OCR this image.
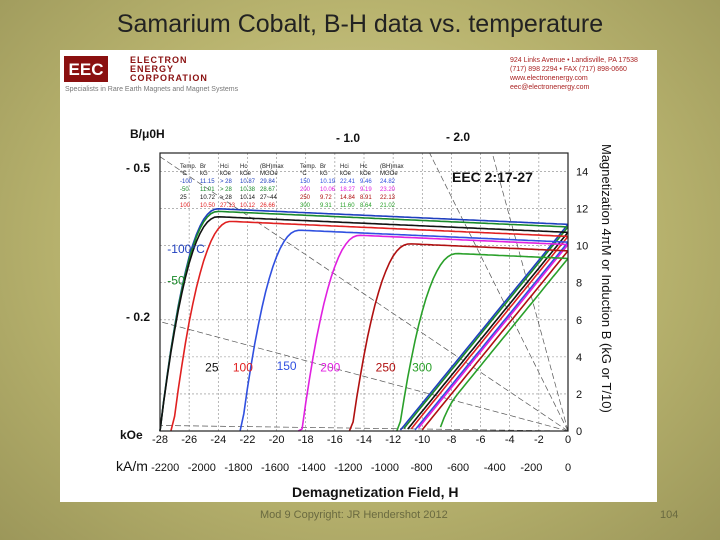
Samarium Cobalt, B-H data vs. temperature
EEC	ELECTRON
ENERGY
CORPORATION
Specialists in Rare Earth Magnets and Magnet Systems
924 Links Avenue • Landisville, PA 17538
(717) 898 2294 • FAX (717) 898-0660
www.electronenergy.com
eec@electronenergy.com
-28 -26 -24 -22 -20 -18 -16 -14 -12 -10 -8 -6 -4 -2 0
-2200 -2000 -1800 -1600 -1400 -1200 -1000 -800 -600 -400 -200 0
0
2
4
6
8
10
12
14
-100°C
-50
25 100 150 200	250 300
Temp.
°C
Br
kG
Hci
kOe
Hc
kOe
(BH)max
MGOe
-100 11.15 > 28 10.87 29.84
-50 11.01 > 28 10.38 28.67
25 10.72 > 28 10.14 27~44
100 10.50 27.13 10.12 26.66
Temp.
°C
Br
kG
Hci
kOe
Hc
kOe
(BH)max
MGOe
150 10.19 22.41 9.46 24.82
200 10.06 18.27 9.19 23.20
250 9.72 14.84 8.91 22.13
300 9.31 11.60 8.64 21.02
EEC 2:17-27
B/μ0H
- 0.5
- 0.2
- 1.0	- 2.0
kOe
kA/m
Demagnetization Field, H
Magnetization 4πM or Induction B (kG or T/10)
Mod 9 Copyright: JR Hendershot 2012	104
